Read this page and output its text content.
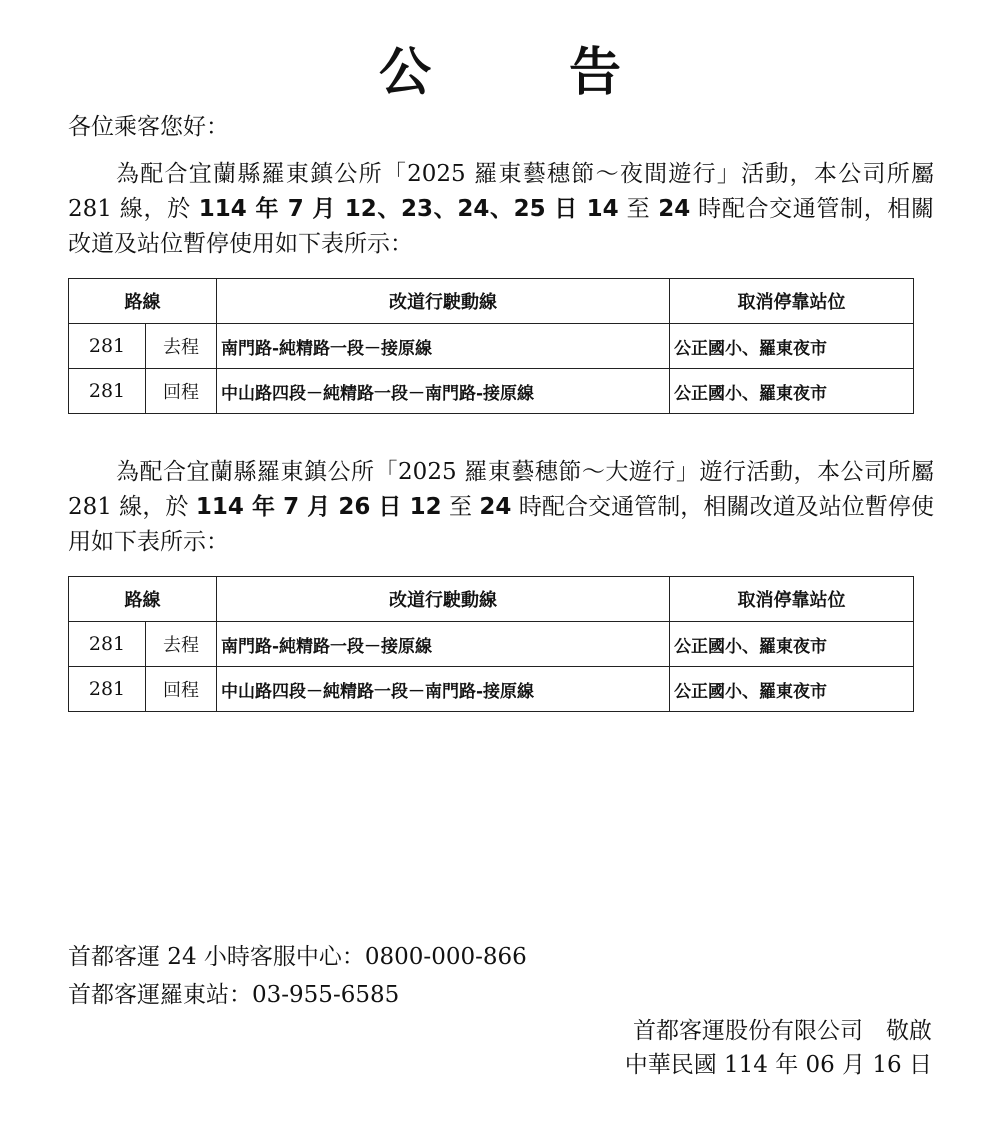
公 告
各位乘客您好：

為配合宜蘭縣羅東鎮公所「2025 羅東藝穗節～夜間遊行」活動，本公司所屬 281 線，於 114 年 7 月 12、23、24、25 日 14 至 24 時配合交通管制，相關改道及站位暫停使用如下表所示：

路線		改道行駛動線	取消停靠站位
281	去程	南門路-純精路一段－接原線	公正國小、羅東夜市
281	回程	中山路四段－純精路一段－南門路-接原線	公正國小、羅東夜市

為配合宜蘭縣羅東鎮公所「2025 羅東藝穗節～大遊行」遊行活動，本公司所屬 281 線，於 114 年 7 月 26 日 12 至 24 時配合交通管制，相關改道及站位暫停使用如下表所示：

路線		改道行駛動線	取消停靠站位
281	去程	南門路-純精路一段－接原線	公正國小、羅東夜市
281	回程	中山路四段－純精路一段－南門路-接原線	公正國小、羅東夜市
首都客運 24 小時客服中心：0800-000-866
首都客運羅東站：03-955-6585
首都客運股份有限公司　敬啟
中華民國 114 年 06 月 16 日
